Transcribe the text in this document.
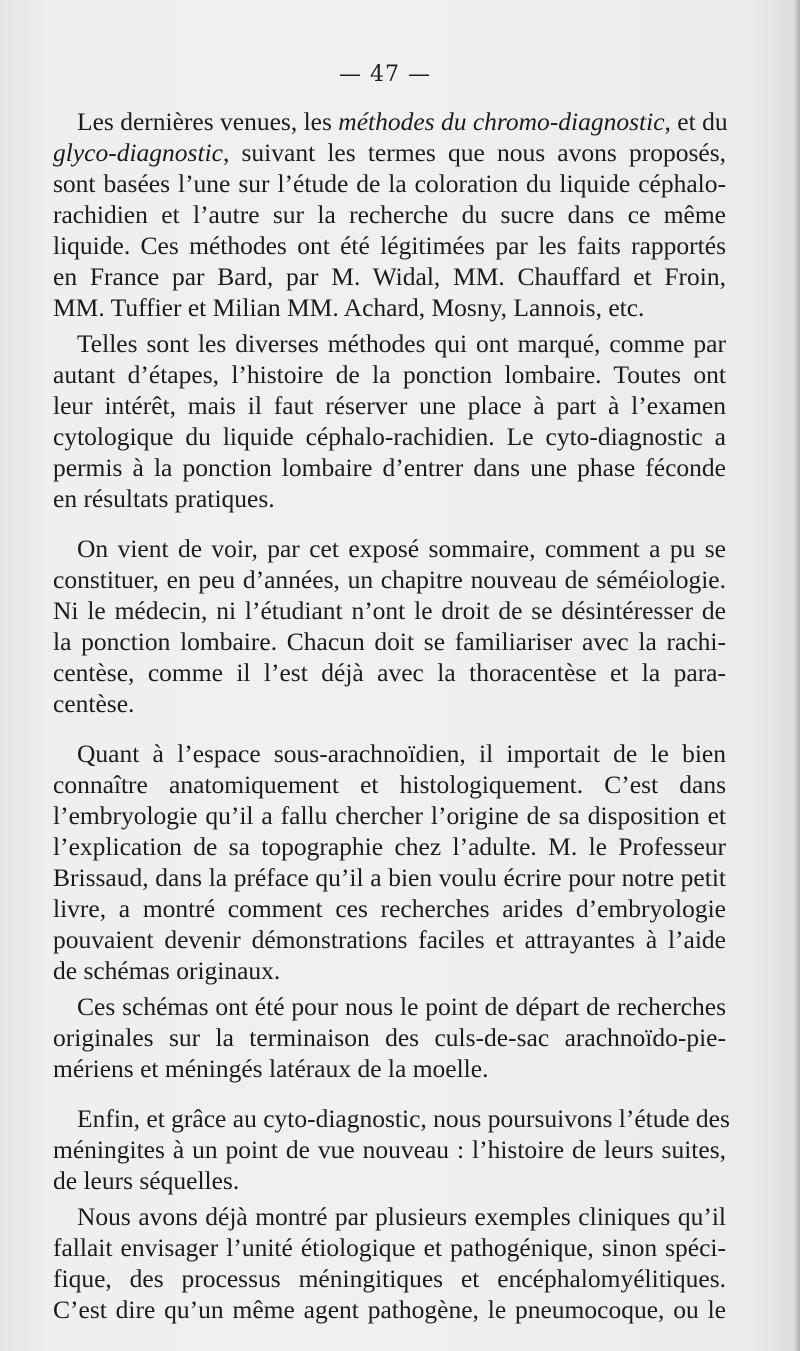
— 47 —
Les dernières venues, les méthodes du chromo-diagnostic, et du
glyco-diagnostic, suivant les termes que nous avons proposés,
sont basées l’une sur l’étude de la coloration du liquide céphalo-
rachidien et l’autre sur la recherche du sucre dans ce même
liquide. Ces méthodes ont été légitimées par les faits rapportés
en France par Bard, par M. Widal, MM. Chauffard et Froin,
MM. Tuffier et Milian MM. Achard, Mosny, Lannois, etc.
Telles sont les diverses méthodes qui ont marqué, comme par
autant d’étapes, l’histoire de la ponction lombaire. Toutes ont
leur intérêt, mais il faut réserver une place à part à l’examen
cytologique du liquide céphalo-rachidien. Le cyto-diagnostic a
permis à la ponction lombaire d’entrer dans une phase féconde
en résultats pratiques.
On vient de voir, par cet exposé sommaire, comment a pu se
constituer, en peu d’années, un chapitre nouveau de séméiologie.
Ni le médecin, ni l’étudiant n’ont le droit de se désintéresser de
la ponction lombaire. Chacun doit se familiariser avec la rachi-
centèse, comme il l’est déjà avec la thoracentèse et la para-
centèse.
Quant à l’espace sous-arachnoïdien, il importait de le bien
connaître anatomiquement et histologiquement. C’est dans
l’embryologie qu’il a fallu chercher l’origine de sa disposition et
l’explication de sa topographie chez l’adulte. M. le Professeur
Brissaud, dans la préface qu’il a bien voulu écrire pour notre petit
livre, a montré comment ces recherches arides d’embryologie
pouvaient devenir démonstrations faciles et attrayantes à l’aide
de schémas originaux.
Ces schémas ont été pour nous le point de départ de recherches
originales sur la terminaison des culs-de-sac arachnoïdo-pie-
mériens et méningés latéraux de la moelle.
Enfin, et grâce au cyto-diagnostic, nous poursuivons l’étude des
méningites à un point de vue nouveau : l’histoire de leurs suites,
de leurs séquelles.
Nous avons déjà montré par plusieurs exemples cliniques qu’il
fallait envisager l’unité étiologique et pathogénique, sinon spéci-
fique, des processus méningitiques et encéphalomyélitiques.
C’est dire qu’un même agent pathogène, le pneumocoque, ou le
